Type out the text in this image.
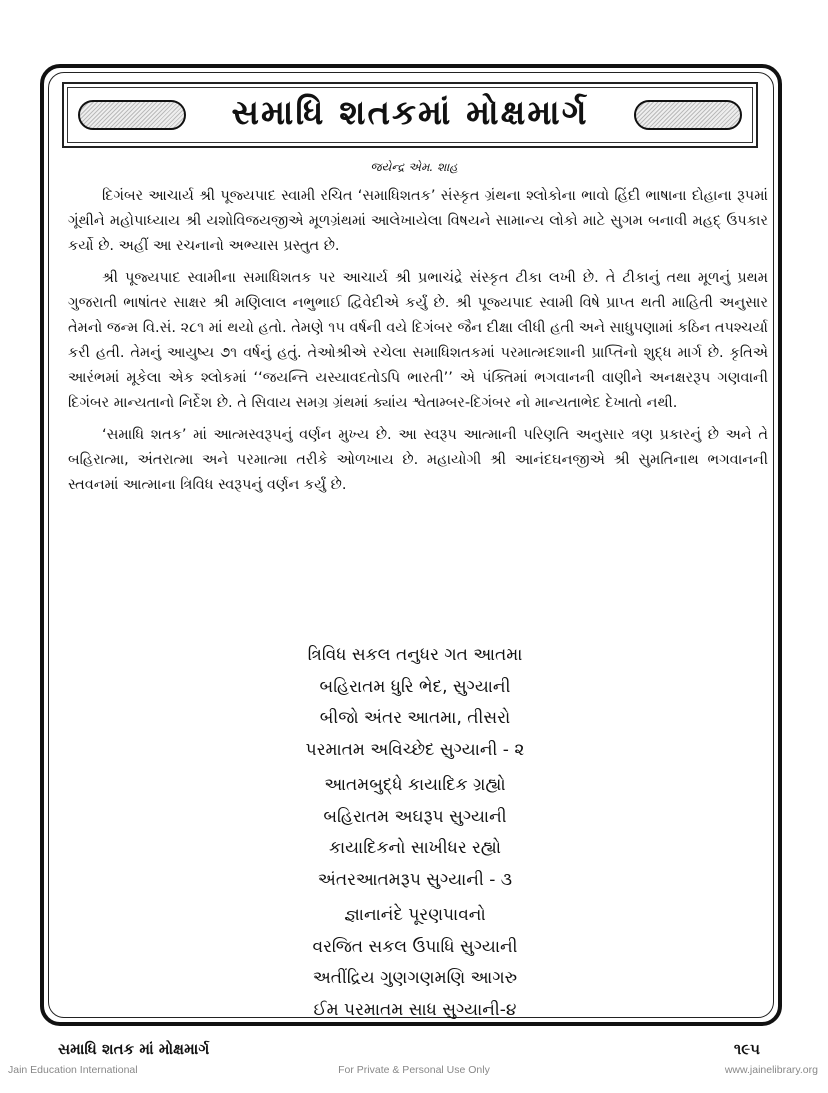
સમાધિ શતકમાં મોક્ષમાર્ગ
જયેન્દ્ર એમ. શાહ

દિગંબર આચાર્ય શ્રી પૂજ્યપાદ સ્વામી રચિત ‘સમાધિશતક’ સંસ્કૃત ગ્રંથના શ્લોકોના ભાવો હિંદી ભાષાના દોહાના રૂપમાં ગૂંથીને મહોપાધ્યાય શ્રી યશોવિજયજીએ મૂળગ્રંથમાં આલેખાયેલા વિષયને સામાન્ય લોકો માટે સુગમ બનાવી મહદ્ ઉપકાર કર્યો છે. અહીં આ રચનાનો અભ્યાસ પ્રસ્તુત છે.

શ્રી પૂજ્યપાદ સ્વામીના સમાધિશતક પર આચાર્ય શ્રી પ્રભાચંદ્રે સંસ્કૃત ટીકા લખી છે. તે ટીકાનું તથા મૂળનું પ્રથમ ગુજરાતી ભાષાંતર સાક્ષર શ્રી મણિલાલ નભુભાઈ દ્વિવેદીએ કર્યું છે. શ્રી પૂજ્યપાદ સ્વામી વિષે પ્રાપ્ત થતી માહિતી અનુસાર તેમનો જન્મ વિ.સં. ૨૮૧ માં થયો હતો. તેમણે ૧૫ વર્ષની વયે દિગંબર જૈન દીક્ષા લીધી હતી અને સાધુપણામાં કઠિન તપશ્ચર્યા કરી હતી. તેમનું આયુષ્ય ૭૧ વર્ષનું હતું. તેઓશ્રીએ રચેલા સમાધિશતકમાં પરમાત્મદશાની પ્રાપ્તિનો શુદ્ધ માર્ગ છે. કૃતિએ આરંભમાં મૂકેલા એક શ્લોકમાં ‘‘જયન્તિ યસ્યાવદતોઽપિ ભારતી’’ એ પંક્તિમાં ભગવાનની વાણીને અનક્ષરરૂપ ગણવાની દિગંબર માન્યતાનો નિર્દેશ છે. તે સિવાય સમગ્ર ગ્રંથમાં ક્યાંય શ્વેતામ્બર-દિગંબર નો માન્યતાભેદ દેખાતો નથી.

‘સમાધિ શતક’ માં આત્મસ્વરૂપનું વર્ણન મુખ્ય છે. આ સ્વરૂપ આત્માની પરિણતિ અનુસાર ત્રણ પ્રકારનું છે અને તે બહિરાત્મા, અંતરાત્મા અને પરમાત્મા તરીકે ઓળખાય છે. મહાયોગી શ્રી આનંદઘનજીએ શ્રી સુમતિનાથ ભગવાનની સ્તવનમાં આત્માના ત્રિવિધ સ્વરૂપનું વર્ણન કર્યું છે.

ત્રિવિધ સકલ તનુધર ગત આતમા
બહિરાતમ ધુરિ ભેદ, સુગ્યાની
બીજો અંતર આતમા, તીસરો
પરમાતમ અવિચ્છેદ સુગ્યાની - ૨
આતમબુદ્ધે કાયાદિક ગ્રહ્યો
બહિરાતમ અઘરૂપ સુગ્યાની
કાયાદિકનો સાખીધર રહ્યો
અંતરઆતમરૂપ સુગ્યાની - ૩
જ્ઞાનાનંદે પૂરણપાવનો
વરજિત સકલ ઉપાધિ સુગ્યાની
અતીંદ્રિય ગુણગણમણિ આગરુ
ઈમ પરમાતમ સાધ સુગ્યાની-૪
સમાધિ શતક માં મોક્ષમાર્ગ	૧૯૫
Jain Education International	For Private & Personal Use Only	www.jainelibrary.org
